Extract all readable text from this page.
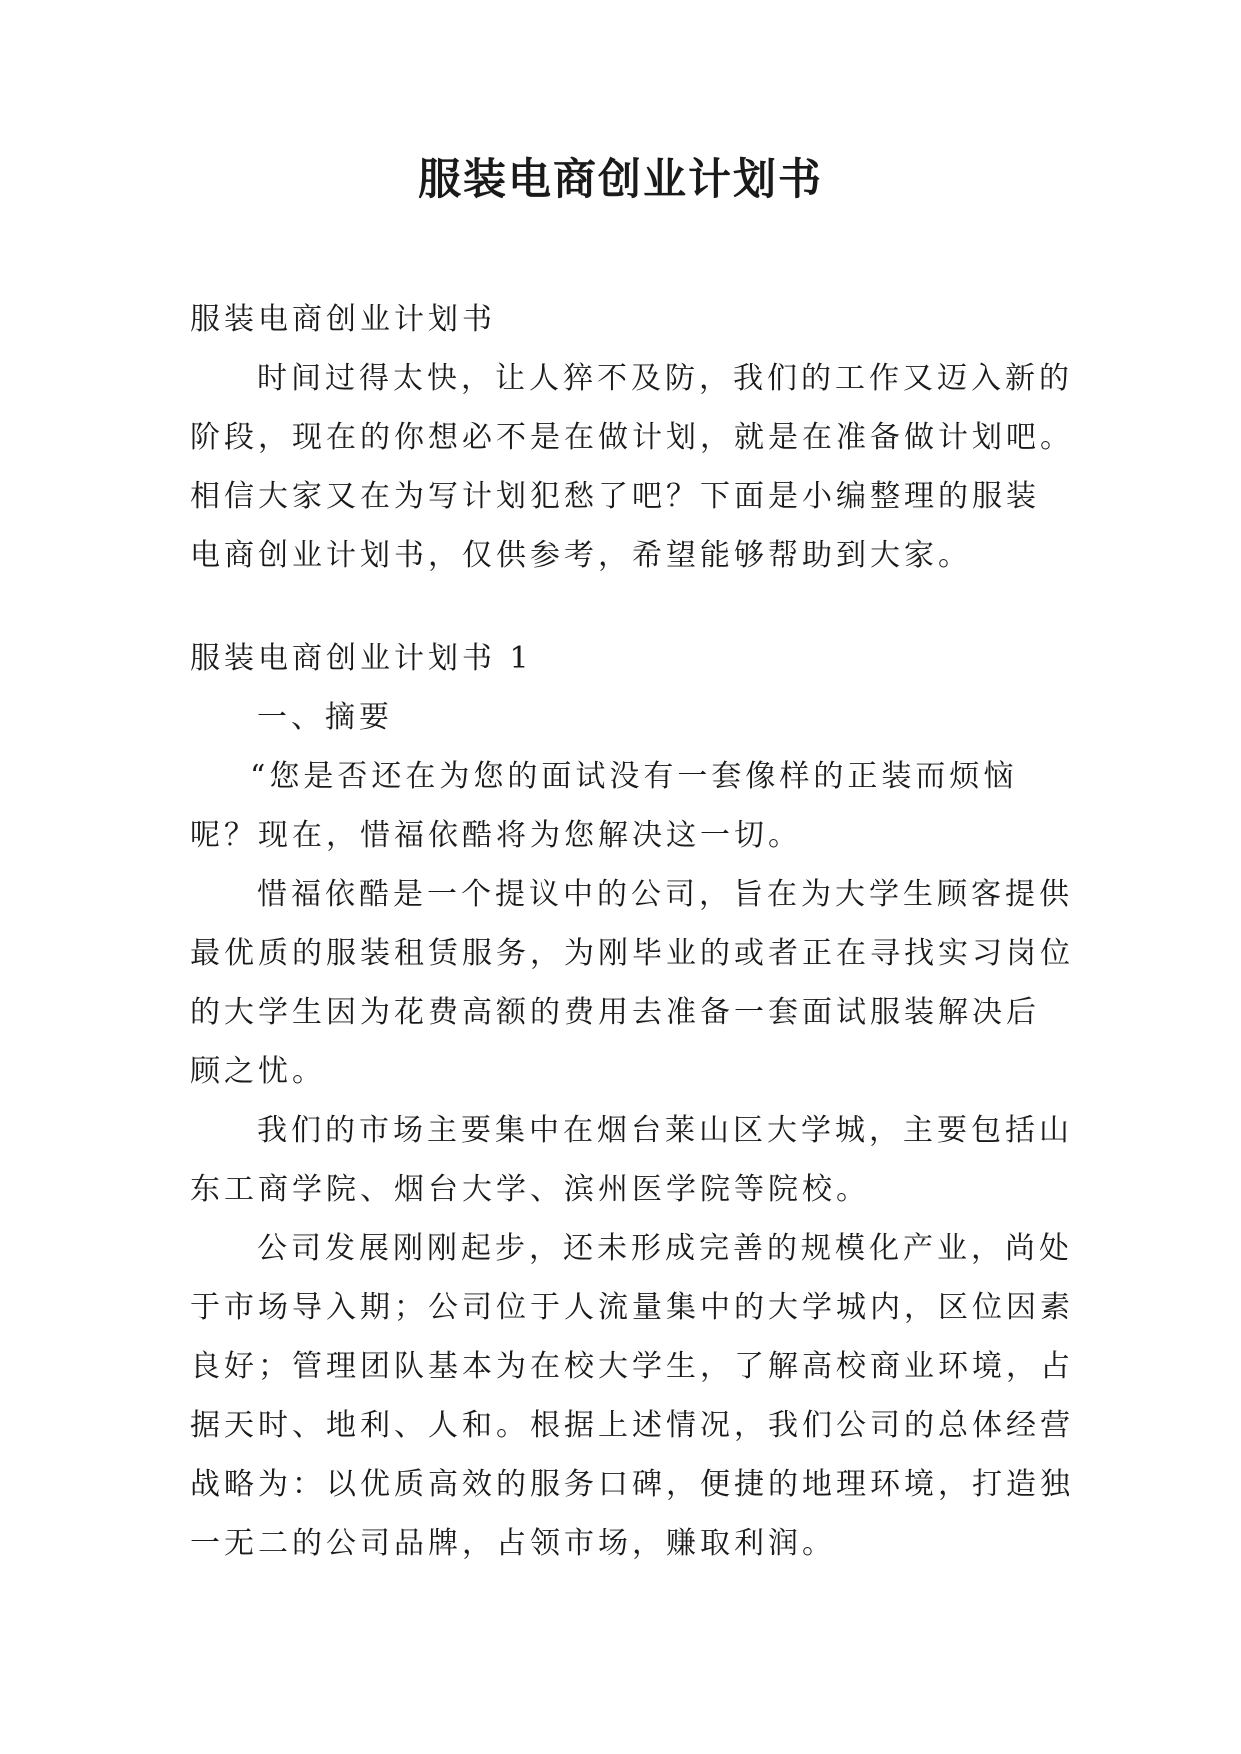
服装电商创业计划书
服装电商创业计划书
时间过得太快，让人猝不及防，我们的工作又迈入新的
阶段，现在的你想必不是在做计划，就是在准备做计划吧。
相信大家又在为写计划犯愁了吧？下面是小编整理的服装
电商创业计划书，仅供参考，希望能够帮助到大家。
服装电商创业计划书 1
一、摘要
“您是否还在为您的面试没有一套像样的正装而烦恼
呢？现在，惜福依酷将为您解决这一切。
惜福依酷是一个提议中的公司，旨在为大学生顾客提供
最优质的服装租赁服务，为刚毕业的或者正在寻找实习岗位
的大学生因为花费高额的费用去准备一套面试服装解决后
顾之忧。
我们的市场主要集中在烟台莱山区大学城，主要包括山
东工商学院、烟台大学、滨州医学院等院校。
公司发展刚刚起步，还未形成完善的规模化产业，尚处
于市场导入期；公司位于人流量集中的大学城内，区位因素
良好；管理团队基本为在校大学生，了解高校商业环境，占
据天时、地利、人和。根据上述情况，我们公司的总体经营
战略为：以优质高效的服务口碑，便捷的地理环境，打造独
一无二的公司品牌，占领市场，赚取利润。
